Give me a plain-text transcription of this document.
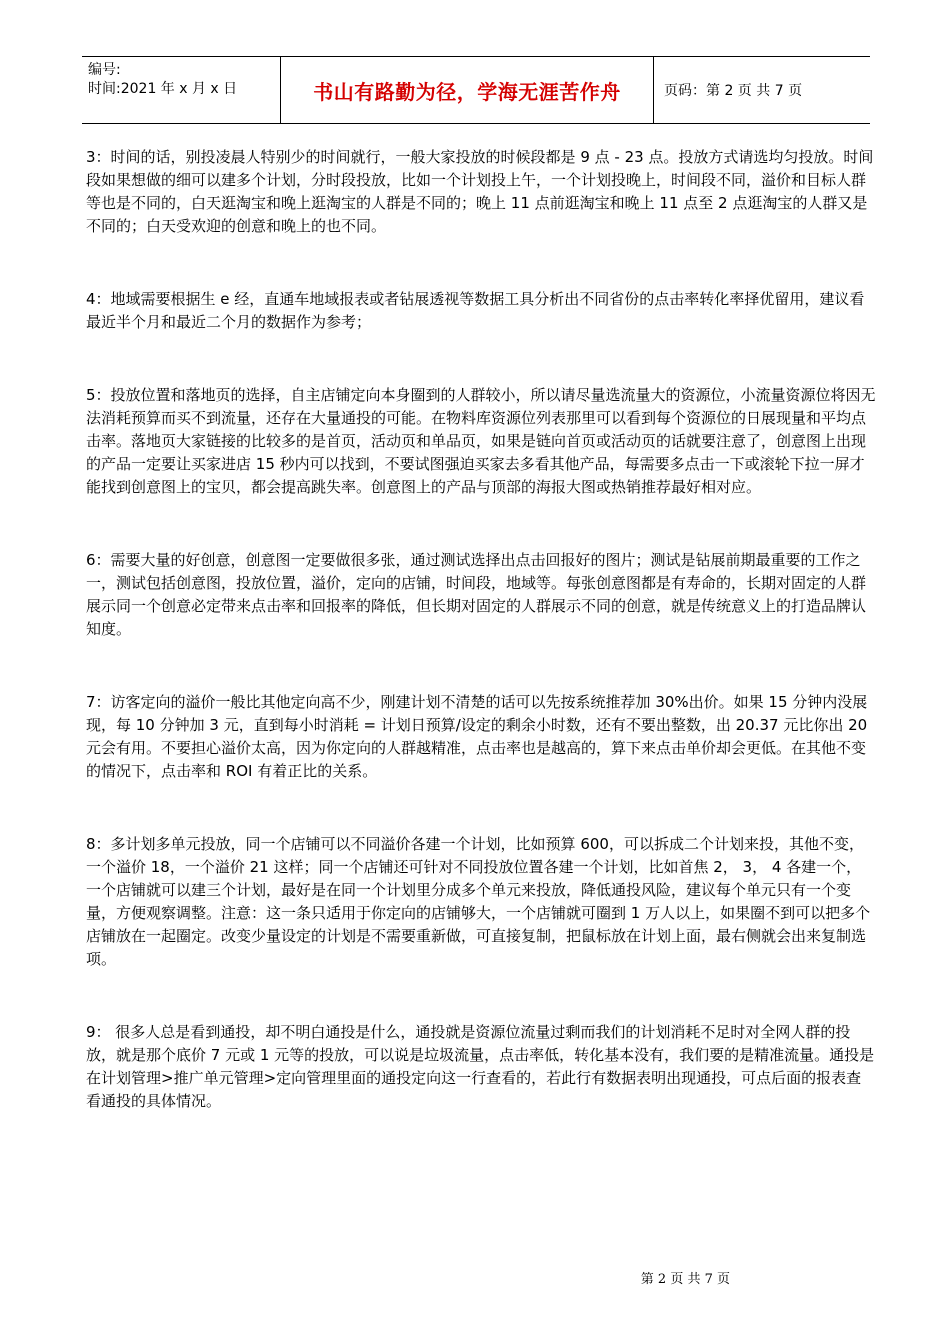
编号:
时间:2021 年 x 月 x 日	书山有路勤为径，学海无涯苦作舟	页码：第 2 页 共 7 页

3：时间的话，别投凌晨人特别少的时间就行，一般大家投放的时候段都是 9 点 - 23 点。投放方式请选均匀投放。时间段如果想做的细可以建多个计划，分时段投放，比如一个计划投上午，一个计划投晚上，时间段不同，溢价和目标人群等也是不同的，白天逛淘宝和晚上逛淘宝的人群是不同的；晚上 11 点前逛淘宝和晚上 11 点至 2 点逛淘宝的人群又是不同的；白天受欢迎的创意和晚上的也不同。

4：地域需要根据生 e 经，直通车地域报表或者钻展透视等数据工具分析出不同省份的点击率转化率择优留用，建议看最近半个月和最近二个月的数据作为参考；

5：投放位置和落地页的选择，自主店铺定向本身圈到的人群较小，所以请尽量选流量大的资源位，小流量资源位将因无法消耗预算而买不到流量，还存在大量通投的可能。在物料库资源位列表那里可以看到每个资源位的日展现量和平均点击率。落地页大家链接的比较多的是首页，活动页和单品页，如果是链向首页或活动页的话就要注意了，创意图上出现的产品一定要让买家进店 15 秒内可以找到，不要试图强迫买家去多看其他产品，每需要多点击一下或滚轮下拉一屏才能找到创意图上的宝贝，都会提高跳失率。创意图上的产品与顶部的海报大图或热销推荐最好相对应。

6：需要大量的好创意，创意图一定要做很多张，通过测试选择出点击回报好的图片；测试是钻展前期最重要的工作之一，测试包括创意图，投放位置，溢价，定向的店铺，时间段，地域等。每张创意图都是有寿命的，长期对固定的人群展示同一个创意必定带来点击率和回报率的降低，但长期对固定的人群展示不同的创意，就是传统意义上的打造品牌认知度。

7：访客定向的溢价一般比其他定向高不少，刚建计划不清楚的话可以先按系统推荐加 30%出价。如果 15 分钟内没展现，每 10 分钟加 3 元，直到每小时消耗 = 计划日预算/设定的剩余小时数，还有不要出整数，出 20.37 元比你出 20 元会有用。不要担心溢价太高，因为你定向的人群越精准，点击率也是越高的，算下来点击单价却会更低。在其他不变的情况下，点击率和 ROI 有着正比的关系。

8：多计划多单元投放，同一个店铺可以不同溢价各建一个计划，比如预算 600，可以拆成二个计划来投，其他不变，一个溢价 18，一个溢价 21 这样；同一个店铺还可针对不同投放位置各建一个计划，比如首焦 2， 3， 4 各建一个，一个店铺就可以建三个计划，最好是在同一个计划里分成多个单元来投放，降低通投风险，建议每个单元只有一个变量，方便观察调整。注意：这一条只适用于你定向的店铺够大，一个店铺就可圈到 1 万人以上，如果圈不到可以把多个店铺放在一起圈定。改变少量设定的计划是不需要重新做，可直接复制，把鼠标放在计划上面，最右侧就会出来复制选项。

9： 很多人总是看到通投，却不明白通投是什么，通投就是资源位流量过剩而我们的计划消耗不足时对全网人群的投放，就是那个底价 7 元或 1 元等的投放，可以说是垃圾流量，点击率低，转化基本没有，我们要的是精准流量。通投是在计划管理>推广单元管理>定向管理里面的通投定向这一行查看的，若此行有数据表明出现通投，可点后面的报表查看通投的具体情况。

第 2 页 共 7 页
